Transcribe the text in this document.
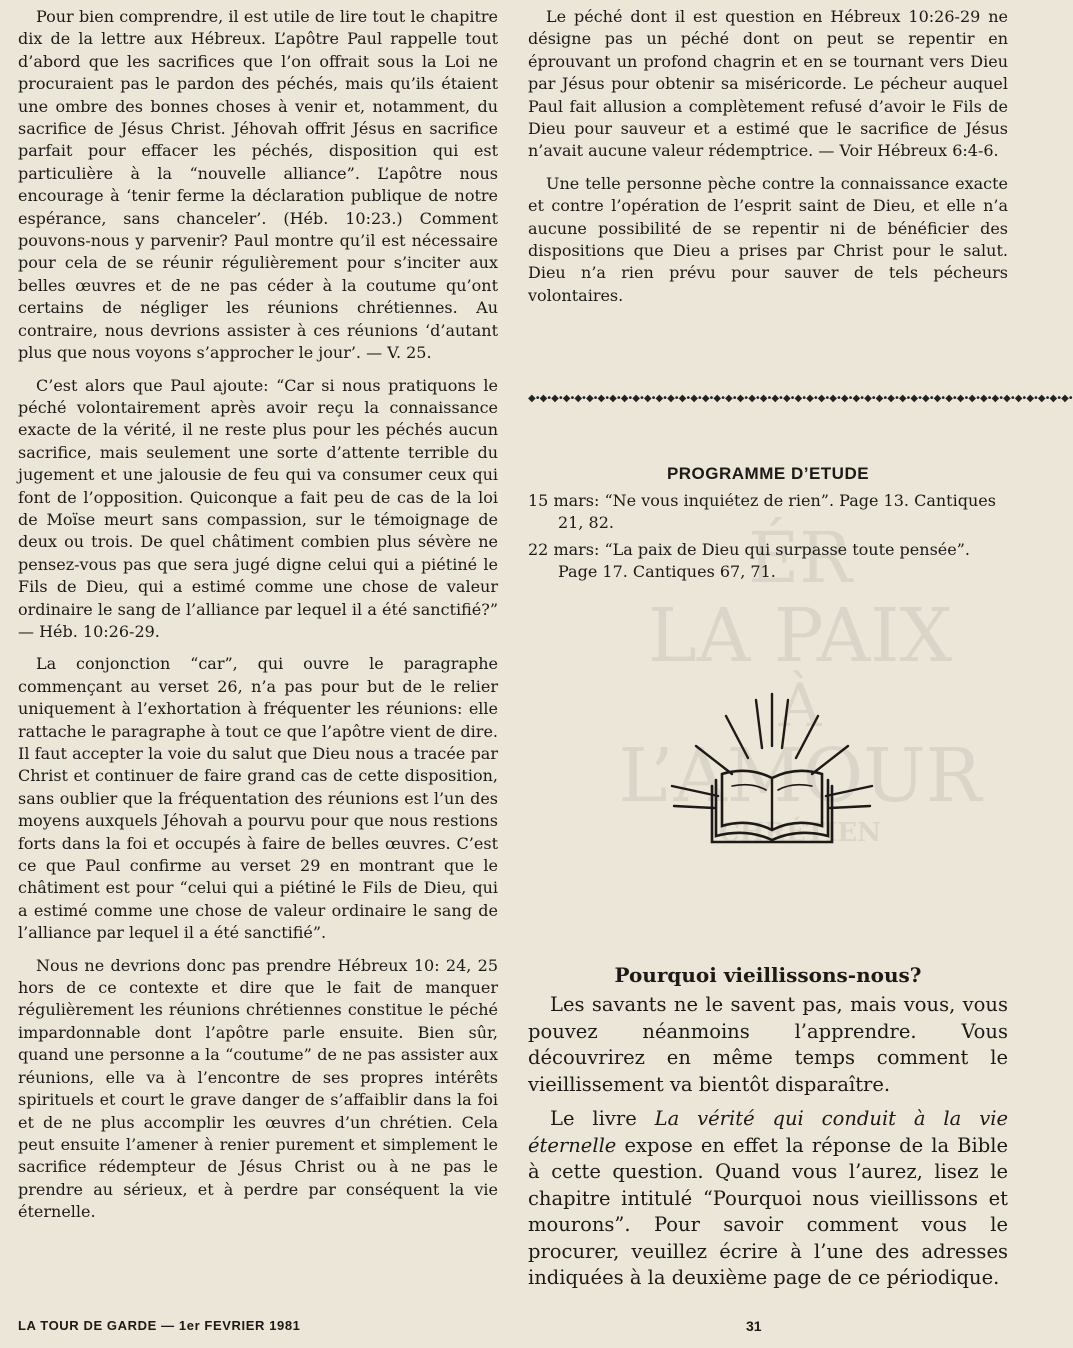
Pour bien comprendre, il est utile de lire tout le chapitre dix de la lettre aux Hébreux. L’apôtre Paul rappelle tout d’abord que les sacrifices que l’on offrait sous la Loi ne procuraient pas le pardon des péchés, mais qu’ils étaient une ombre des bonnes choses à venir et, notamment, du sacrifice de Jésus Christ. Jéhovah offrit Jésus en sacrifice parfait pour effacer les péchés, disposition qui est particulière à la “nouvelle alliance”. L’apôtre nous encourage à ‘tenir ferme la déclaration publique de notre espérance, sans chanceler’. (Héb. 10:23.) Comment pouvons-nous y parvenir? Paul montre qu’il est nécessaire pour cela de se réunir régulièrement pour s’inciter aux belles œuvres et de ne pas céder à la coutume qu’ont certains de négliger les réunions chrétiennes. Au contraire, nous devrions assister à ces réunions ‘d’autant plus que nous voyons s’approcher le jour’. — V. 25.

C’est alors que Paul ajoute: “Car si nous pratiquons le péché volontairement après avoir reçu la connaissance exacte de la vérité, il ne reste plus pour les péchés aucun sacrifice, mais seulement une sorte d’attente terrible du jugement et une jalousie de feu qui va consumer ceux qui font de l’opposition. Quiconque a fait peu de cas de la loi de Moïse meurt sans compassion, sur le témoignage de deux ou trois. De quel châtiment combien plus sévère ne pensez-vous pas que sera jugé digne celui qui a piétiné le Fils de Dieu, qui a estimé comme une chose de valeur ordinaire le sang de l’alliance par lequel il a été sanctifié?” — Héb. 10:26-29.

La conjonction “car”, qui ouvre le paragraphe commençant au verset 26, n’a pas pour but de le relier uniquement à l’exhortation à fréquenter les réunions: elle rattache le paragraphe à tout ce que l’apôtre vient de dire. Il faut accepter la voie du salut que Dieu nous a tracée par Christ et continuer de faire grand cas de cette disposition, sans oublier que la fréquentation des réunions est l’un des moyens auxquels Jéhovah a pourvu pour que nous restions forts dans la foi et occupés à faire de belles œuvres. C’est ce que Paul confirme au verset 29 en montrant que le châtiment est pour “celui qui a piétiné le Fils de Dieu, qui a estimé comme une chose de valeur ordinaire le sang de l’alliance par lequel il a été sanctifié”.

Nous ne devrions donc pas prendre Hébreux 10: 24, 25 hors de ce contexte et dire que le fait de manquer régulièrement les réunions chrétiennes constitue le péché impardonnable dont l’apôtre parle ensuite. Bien sûr, quand une personne a la “coutume” de ne pas assister aux réunions, elle va à l’encontre de ses propres intérêts spirituels et court le grave danger de s’affaiblir dans la foi et de ne plus accomplir les œuvres d’un chrétien. Cela peut ensuite l’amener à renier purement et simplement le sacrifice rédempteur de Jésus Christ ou à ne pas le prendre au sérieux, et à perdre par conséquent la vie éternelle.

Le péché dont il est question en Hébreux 10:26-29 ne désigne pas un péché dont on peut se repentir en éprouvant un profond chagrin et en se tournant vers Dieu par Jésus pour obtenir sa miséricorde. Le pécheur auquel Paul fait allusion a complètement refusé d’avoir le Fils de Dieu pour sauveur et a estimé que le sacrifice de Jésus n’avait aucune valeur rédemptrice. — Voir Hébreux 6:4-6.

Une telle personne pèche contre la connaissance exacte et contre l’opération de l’esprit saint de Dieu, et elle n’a aucune possibilité de se repentir ni de bénéficier des dispositions que Dieu a prises par Christ pour le salut. Dieu n’a rien prévu pour sauver de tels pécheurs volontaires.

◆•◆•◆•◆•◆•◆•◆•◆•◆•◆•◆•◆•◆•◆•◆•◆•◆•◆•◆•◆•◆•◆•◆•◆•◆•◆•◆•◆•◆•◆•◆•◆•◆•◆•◆•◆•◆•◆•◆•◆•◆•◆•◆•◆•◆•◆•◆•
ÉR
LA PAIX
À
L’AMOUR
CHRÉTIEN
PROGRAMME D’ETUDE
15 mars: “Ne vous inquiétez de rien”. Page 13. Cantiques 21, 82.
22 mars: “La paix de Dieu qui surpasse toute pensée”. Page 17. Cantiques 67, 71.
Pourquoi vieillissons-nous?

Les savants ne le savent pas, mais vous, vous pouvez néanmoins l’apprendre. Vous découvrirez en même temps comment le vieillissement va bientôt disparaître.

Le livre La vérité qui conduit à la vie éternelle expose en effet la réponse de la Bible à cette question. Quand vous l’aurez, lisez le chapitre intitulé “Pourquoi nous vieillissons et mourons”. Pour savoir comment vous le procurer, veuillez écrire à l’une des adresses indiquées à la deuxième page de ce périodique.

LA TOUR DE GARDE — 1er FEVRIER 1981	31
